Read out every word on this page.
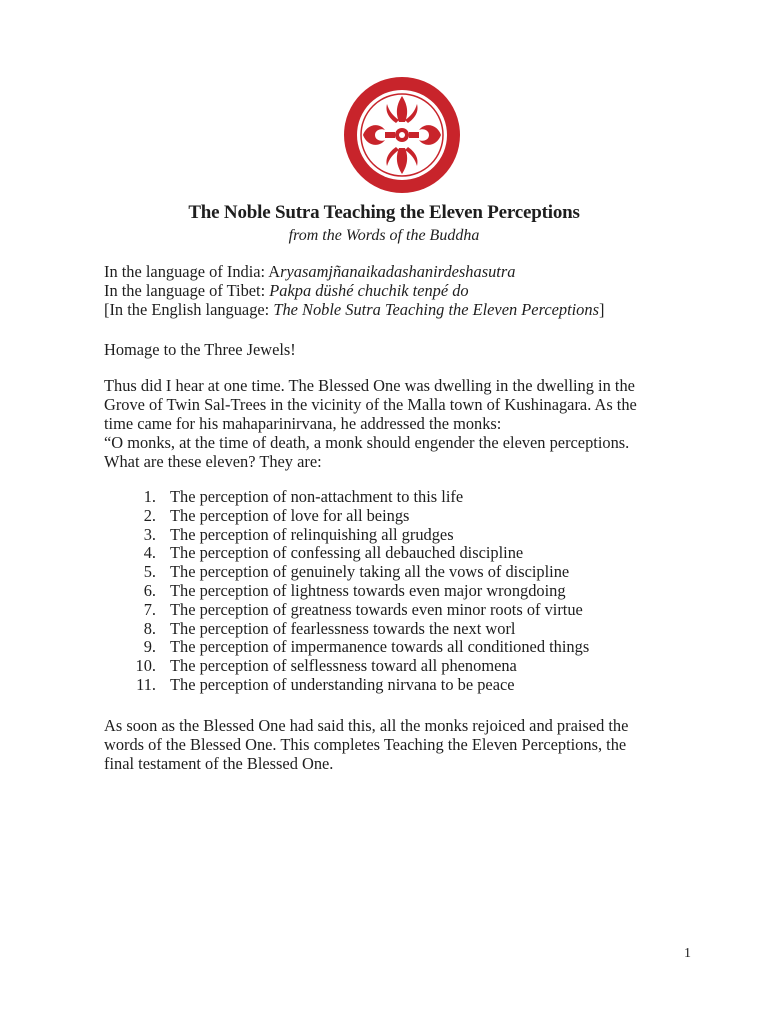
The Noble Sutra Teaching the Eleven Perceptions

from the Words of the Buddha

In the language of India: Aryasamjñanaikadashanirdeshasutra
In the language of Tibet: Pakpa düshé chuchik tenpé do
[In the English language: The Noble Sutra Teaching the Eleven Perceptions]

Homage to the Three Jewels!

Thus did I hear at one time. The Blessed One was dwelling in the dwelling in the
Grove of Twin Sal-Trees in the vicinity of the Malla town of Kushinagara. As the
time came for his mahaparinirvana, he addressed the monks:
“O monks, at the time of death, a monk should engender the eleven perceptions.
What are these eleven? They are:
1. The perception of non-attachment to this life
2. The perception of love for all beings
3. The perception of relinquishing all grudges
4. The perception of confessing all debauched discipline
5. The perception of genuinely taking all the vows of discipline
6. The perception of lightness towards even major wrongdoing
7. The perception of greatness towards even minor roots of virtue
8. The perception of fearlessness towards the next worl
9. The perception of impermanence towards all conditioned things
10. The perception of selflessness toward all phenomena
11. The perception of understanding nirvana to be peace
As soon as the Blessed One had said this, all the monks rejoiced and praised the
words of the Blessed One. This completes Teaching the Eleven Perceptions, the
final testament of the Blessed One.
1
